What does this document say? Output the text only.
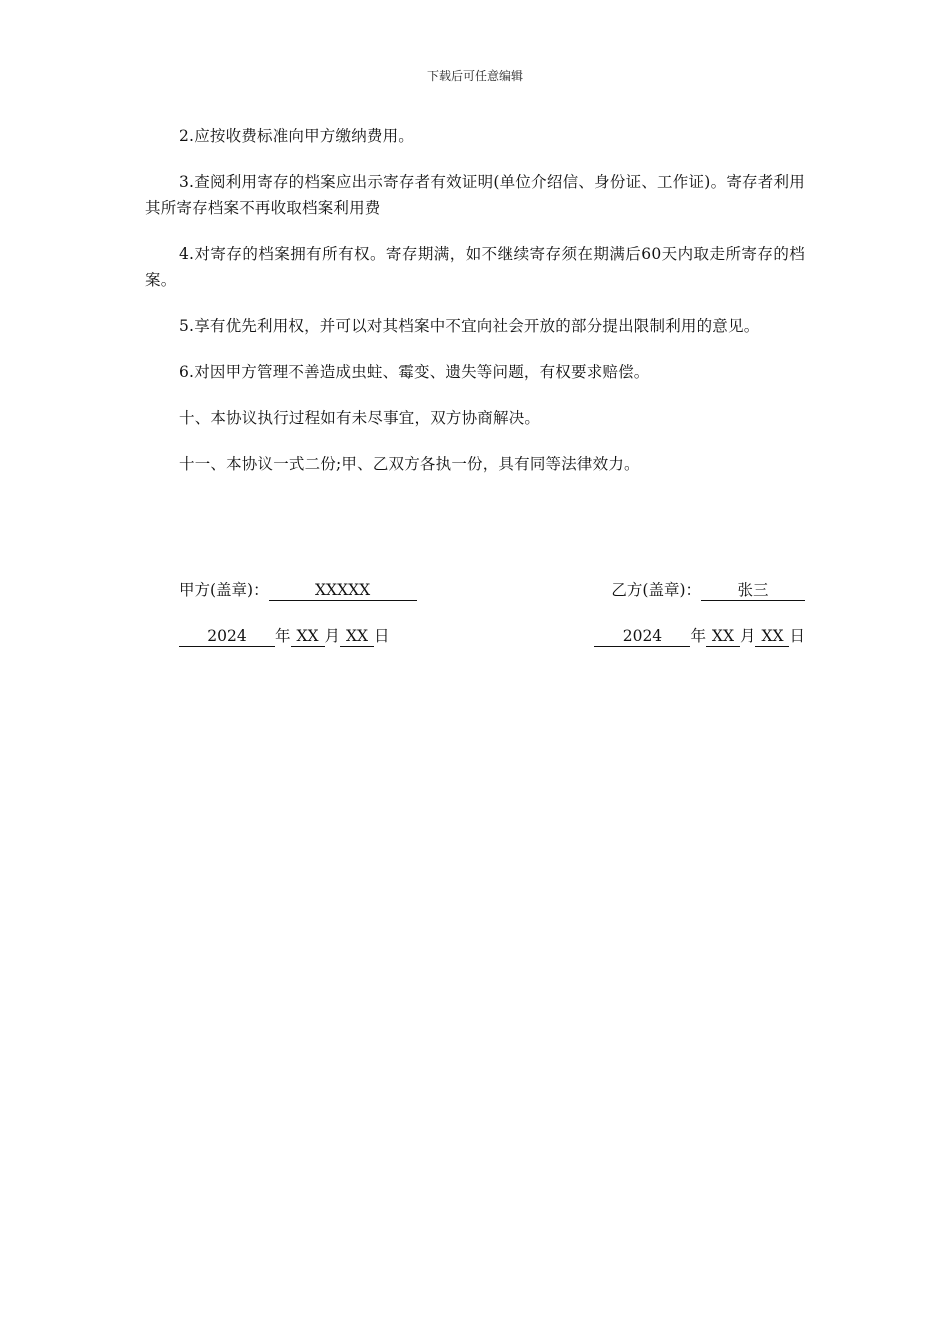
下载后可任意编辑

2.应按收费标准向甲方缴纳费用。

3.查阅利用寄存的档案应出示寄存者有效证明(单位介绍信、身份证、工作证)。寄存者利用其所寄存档案不再收取档案利用费

4.对寄存的档案拥有所有权。寄存期满，如不继续寄存须在期满后60天内取走所寄存的档案。

5.享有优先利用权，并可以对其档案中不宜向社会开放的部分提出限制利用的意见。

6.对因甲方管理不善造成虫蛀、霉变、遗失等问题，有权要求赔偿。

十、本协议执行过程如有未尽事宜，双方协商解决。

十一、本协议一式二份;甲、乙双方各执一份，具有同等法律效力。

甲方(盖章)：	XXXXX	乙方(盖章)： 张三
2024 年 XX 月 XX 日	2024 年 XX 月 XX 日
